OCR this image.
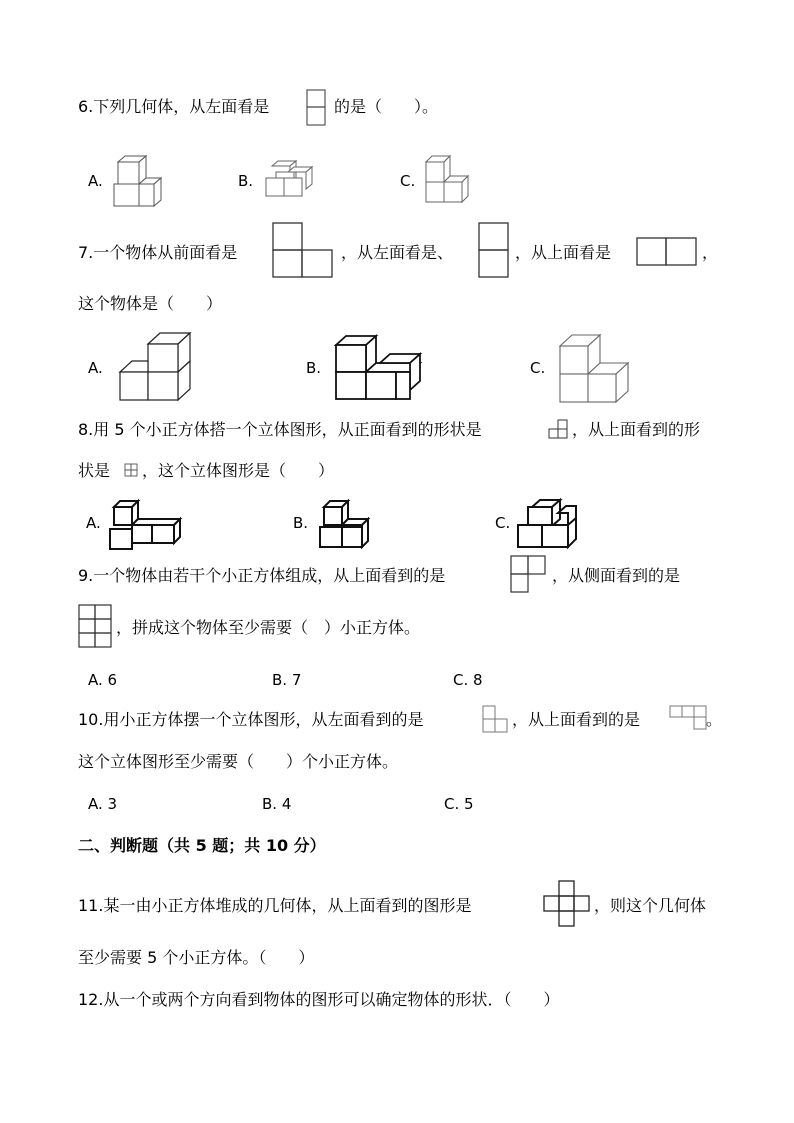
6.下列几何体，从左面看是	的是（　　）。
A.	B.	C.
7.一个物体从前面看是	，从左面看是、	，从上面看是	，
这个物体是（　　）
A.	B.	C.
8.用 5 个小正方体搭一个立体图形，从正面看到的形状是	，从上面看到的形
状是 ，这个立体图形是（　　）
A.	B.	C.
9.一个物体由若干个小正方体组成，从上面看到的是	，从侧面看到的是
，拼成这个物体至少需要（　）小正方体。
A. 6	B. 7	C. 8
10.用小正方体摆一个立体图形，从左面看到的是	，从上面看到的是	。
这个立体图形至少需要（　　）个小正方体。
A. 3	B. 4	C. 5
二、判断题（共 5 题；共 10 分）
11.某一由小正方体堆成的几何体，从上面看到的图形是	，则这个几何体
至少需要 5 个小正方体。（　　）
12.从一个或两个方向看到物体的图形可以确定物体的形状．（　　）
